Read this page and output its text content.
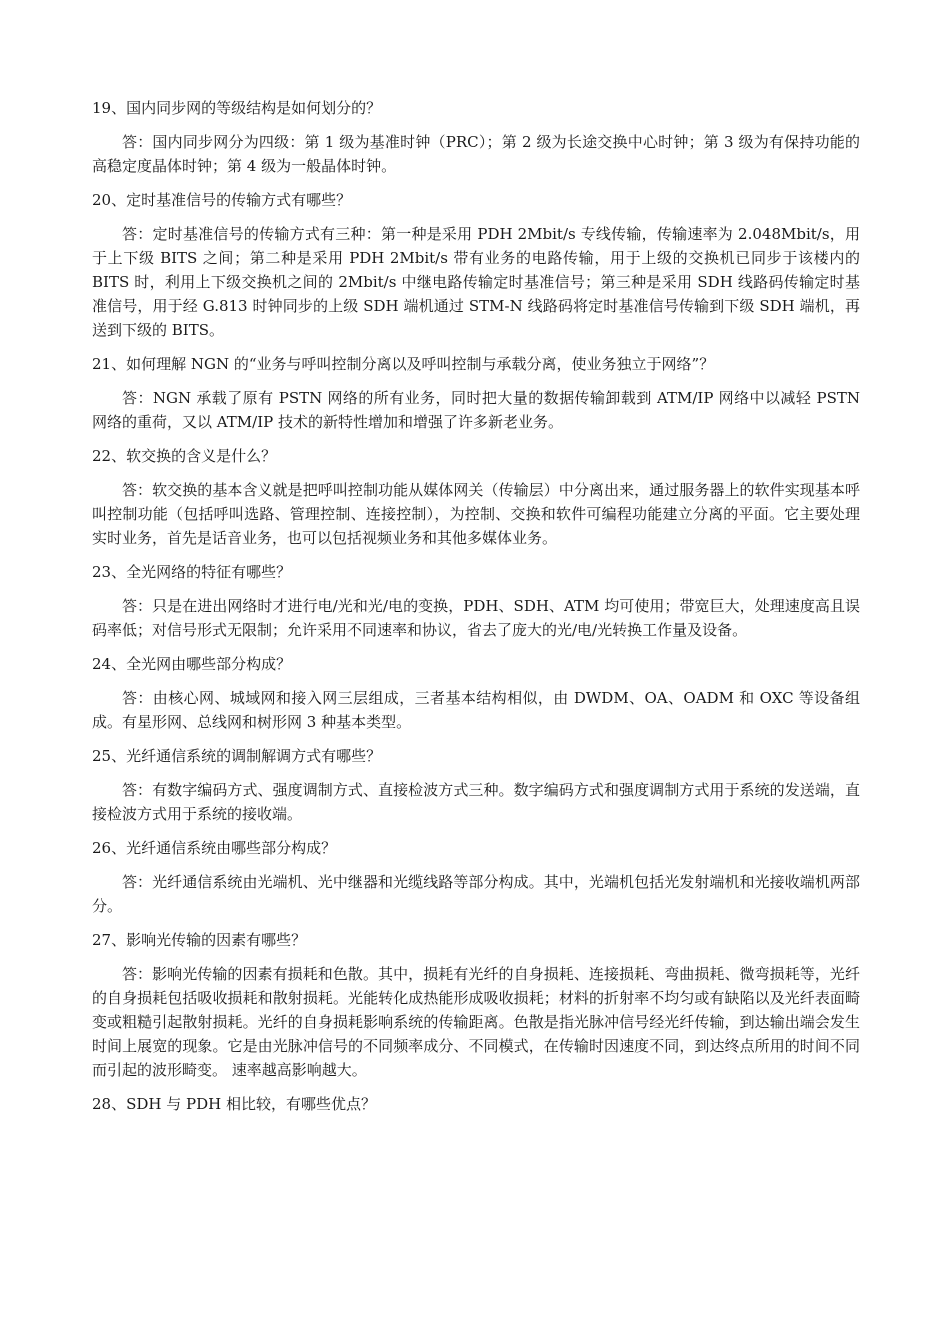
19、国内同步网的等级结构是如何划分的？

答：国内同步网分为四级：第 1 级为基准时钟（PRC）；第 2 级为长途交换中心时钟；第 3 级为有保持功能的高稳定度晶体时钟；第 4 级为一般晶体时钟。

20、定时基准信号的传输方式有哪些？

答：定时基准信号的传输方式有三种：第一种是采用 PDH 2Mbit/s 专线传输，传输速率为 2.048Mbit/s，用于上下级 BITS 之间；第二种是采用 PDH 2Mbit/s 带有业务的电路传输，用于上级的交换机已同步于该楼内的 BITS 时，利用上下级交换机之间的 2Mbit/s 中继电路传输定时基准信号；第三种是采用 SDH 线路码传输定时基准信号，用于经 G.813 时钟同步的上级 SDH 端机通过 STM-N 线路码将定时基准信号传输到下级 SDH 端机，再送到下级的 BITS。

21、如何理解 NGN 的“业务与呼叫控制分离以及呼叫控制与承载分离，使业务独立于网络”？

答：NGN 承载了原有 PSTN 网络的所有业务，同时把大量的数据传输卸载到 ATM/IP 网络中以减轻 PSTN 网络的重荷，又以 ATM/IP 技术的新特性增加和增强了许多新老业务。

22、软交换的含义是什么？

答：软交换的基本含义就是把呼叫控制功能从媒体网关（传输层）中分离出来，通过服务器上的软件实现基本呼叫控制功能（包括呼叫选路、管理控制、连接控制），为控制、交换和软件可编程功能建立分离的平面。它主要处理实时业务，首先是话音业务，也可以包括视频业务和其他多媒体业务。

23、全光网络的特征有哪些？

答：只是在进出网络时才进行电/光和光/电的变换，PDH、SDH、ATM 均可使用；带宽巨大，处理速度高且误码率低；对信号形式无限制；允许采用不同速率和协议，省去了庞大的光/电/光转换工作量及设备。

24、全光网由哪些部分构成？

答：由核心网、城域网和接入网三层组成，三者基本结构相似，由 DWDM、OA、OADM 和 OXC 等设备组成。有星形网、总线网和树形网 3 种基本类型。

25、光纤通信系统的调制解调方式有哪些？

答：有数字编码方式、强度调制方式、直接检波方式三种。数字编码方式和强度调制方式用于系统的发送端，直接检波方式用于系统的接收端。

26、光纤通信系统由哪些部分构成？

答：光纤通信系统由光端机、光中继器和光缆线路等部分构成。其中，光端机包括光发射端机和光接收端机两部分。

27、影响光传输的因素有哪些？

答：影响光传输的因素有损耗和色散。其中，损耗有光纤的自身损耗、连接损耗、弯曲损耗、微弯损耗等，光纤的自身损耗包括吸收损耗和散射损耗。光能转化成热能形成吸收损耗；材料的折射率不均匀或有缺陷以及光纤表面畸变或粗糙引起散射损耗。光纤的自身损耗影响系统的传输距离。色散是指光脉冲信号经光纤传输，到达输出端会发生时间上展宽的现象。它是由光脉冲信号的不同频率成分、不同模式，在传输时因速度不同，到达终点所用的时间不同而引起的波形畸变。 速率越高影响越大。

28、SDH 与 PDH 相比较，有哪些优点？
